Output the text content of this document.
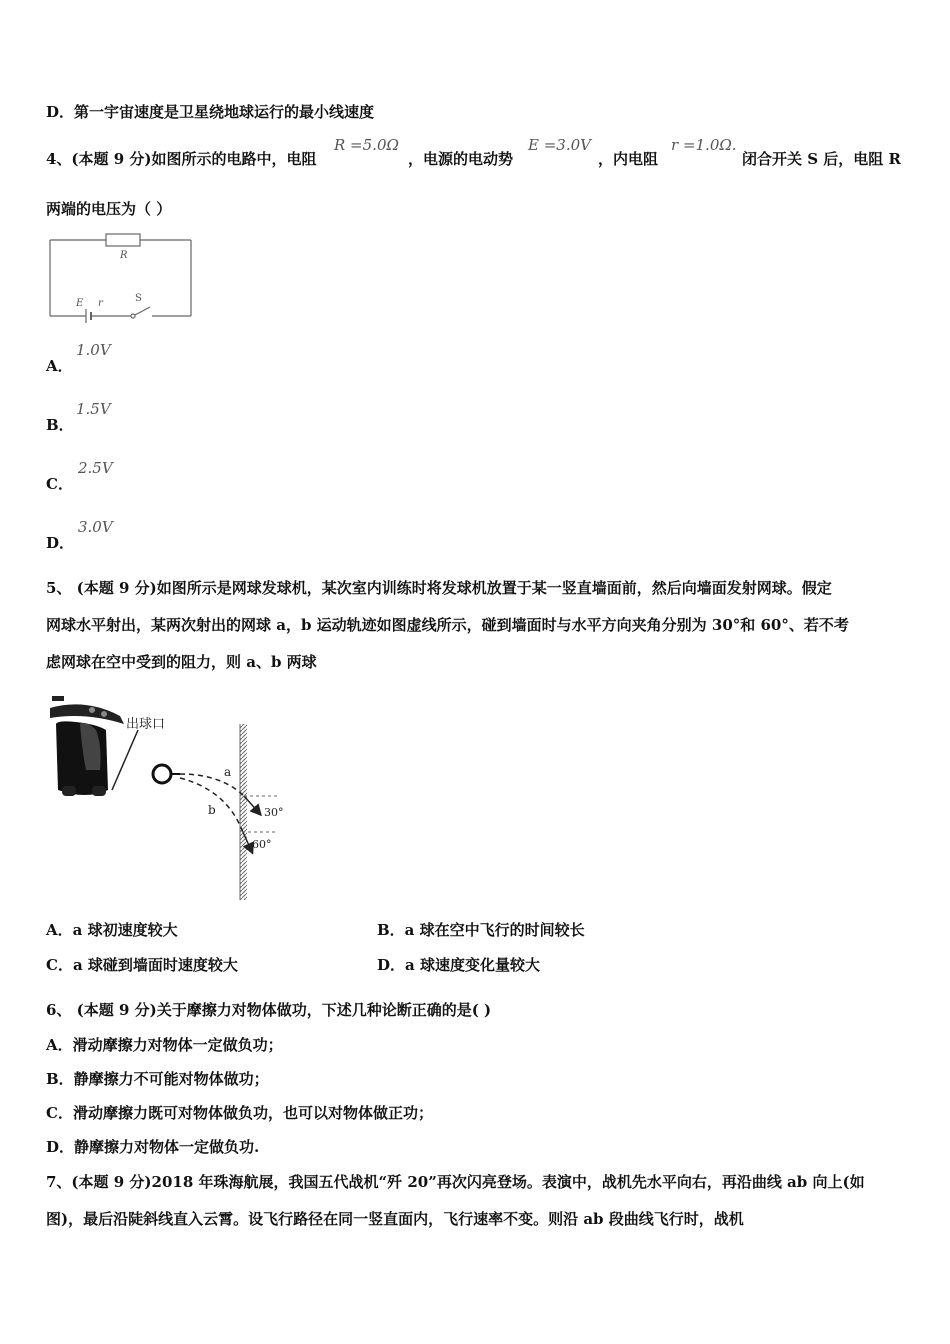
D．第一宇宙速度是卫星绕地球运行的最小线速度
4、(本题 9 分)如图所示的电路中，电阻
R =5.0Ω
，电源的电动势
E =3.0V
，内电阻
r =1.0Ω.
闭合开关 S 后，电阻 R
两端的电压为（ ）
R
E r	S
A．
1.0V
B．
1.5V
C．
2.5V
D．
3.0V
5、 (本题 9 分)如图所示是网球发球机，某次室内训练时将发球机放置于某一竖直墙面前，然后向墙面发射网球。假定
网球水平射出，某两次射出的网球 a，b 运动轨迹如图虚线所示，碰到墙面时与水平方向夹角分别为 30°和 60°、若不考
虑网球在空中受到的阻力，则 a、b 两球
出球口
a
30°
b
60°
A．a 球初速度较大	B．a 球在空中飞行的时间较长
C．a 球碰到墙面时速度较大	D．a 球速度变化量较大
6、 (本题 9 分)关于摩擦力对物体做功，下述几种论断正确的是( )
A．滑动摩擦力对物体一定做负功；
B．静摩擦力不可能对物体做功；
C．滑动摩擦力既可对物体做负功，也可以对物体做正功；
D．静摩擦力对物体一定做负功.
7、(本题 9 分)2018 年珠海航展，我国五代战机“歼 20”再次闪亮登场。表演中，战机先水平向右，再沿曲线 ab 向上(如
图)，最后沿陡斜线直入云霄。设飞行路径在同一竖直面内，飞行速率不变。则沿 ab 段曲线飞行时，战机
